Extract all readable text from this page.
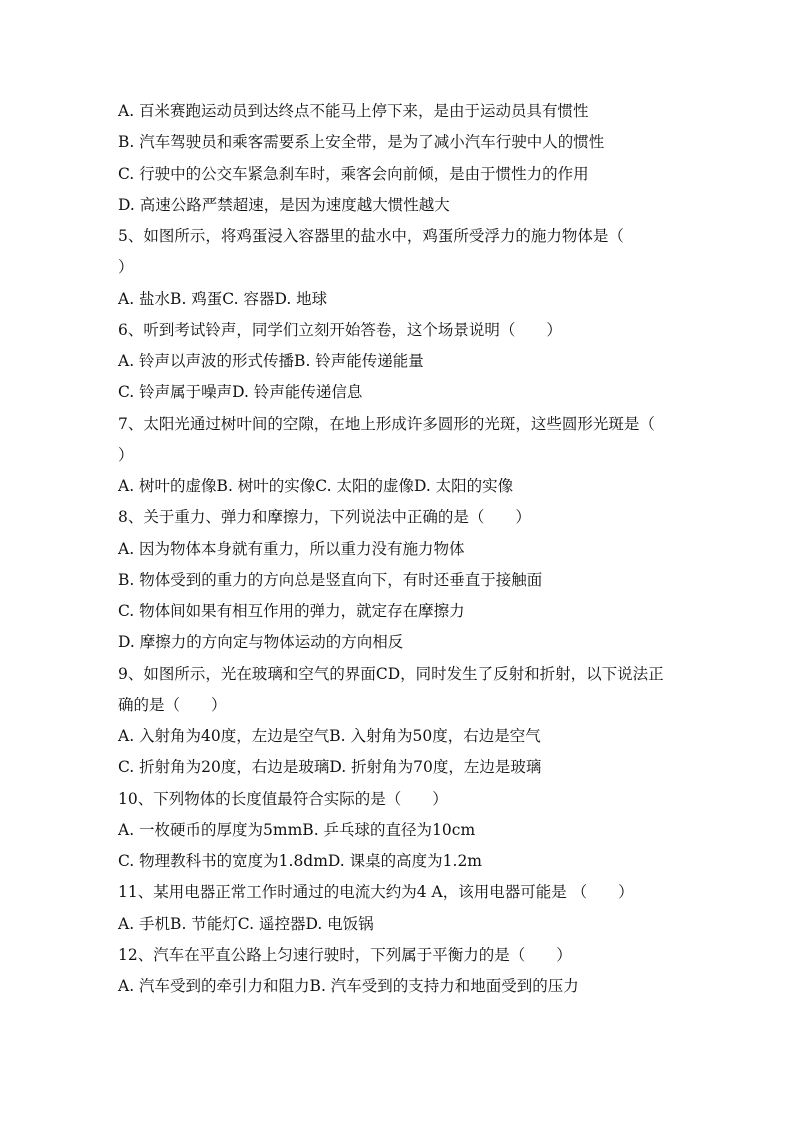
A. 百米赛跑运动员到达终点不能马上停下来，是由于运动员具有惯性
B. 汽车驾驶员和乘客需要系上安全带，是为了减小汽车行驶中人的惯性
C. 行驶中的公交车紧急刹车时，乘客会向前倾，是由于惯性力的作用
D. 高速公路严禁超速，是因为速度越大惯性越大
5、如图所示，将鸡蛋浸入容器里的盐水中，鸡蛋所受浮力的施力物体是（
）
A. 盐水B. 鸡蛋C. 容器D. 地球
6、听到考试铃声，同学们立刻开始答卷，这个场景说明（　　）
A. 铃声以声波的形式传播B. 铃声能传递能量
C. 铃声属于噪声D. 铃声能传递信息
7、太阳光通过树叶间的空隙，在地上形成许多圆形的光斑，这些圆形光斑是（
）
A. 树叶的虚像B. 树叶的实像C. 太阳的虚像D. 太阳的实像
8、关于重力、弹力和摩擦力，下列说法中正确的是（　　）
A. 因为物体本身就有重力，所以重力没有施力物体
B. 物体受到的重力的方向总是竖直向下，有时还垂直于接触面
C. 物体间如果有相互作用的弹力，就定存在摩擦力
D. 摩擦力的方向定与物体运动的方向相反
9、如图所示，光在玻璃和空气的界面CD，同时发生了反射和折射，以下说法正
确的是（　　）
A. 入射角为40度，左边是空气B. 入射角为50度，右边是空气
C. 折射角为20度，右边是玻璃D. 折射角为70度，左边是玻璃
10、下列物体的长度值最符合实际的是（　　）
A. 一枚硬币的厚度为5mmB. 乒乓球的直径为10cm
C. 物理教科书的宽度为1.8dmD. 课桌的高度为1.2m
11、某用电器正常工作时通过的电流大约为4 A，该用电器可能是 （　　）
A. 手机B. 节能灯C. 遥控器D. 电饭锅
12、汽车在平直公路上匀速行驶时，下列属于平衡力的是（　　）
A. 汽车受到的牵引力和阻力B. 汽车受到的支持力和地面受到的压力
